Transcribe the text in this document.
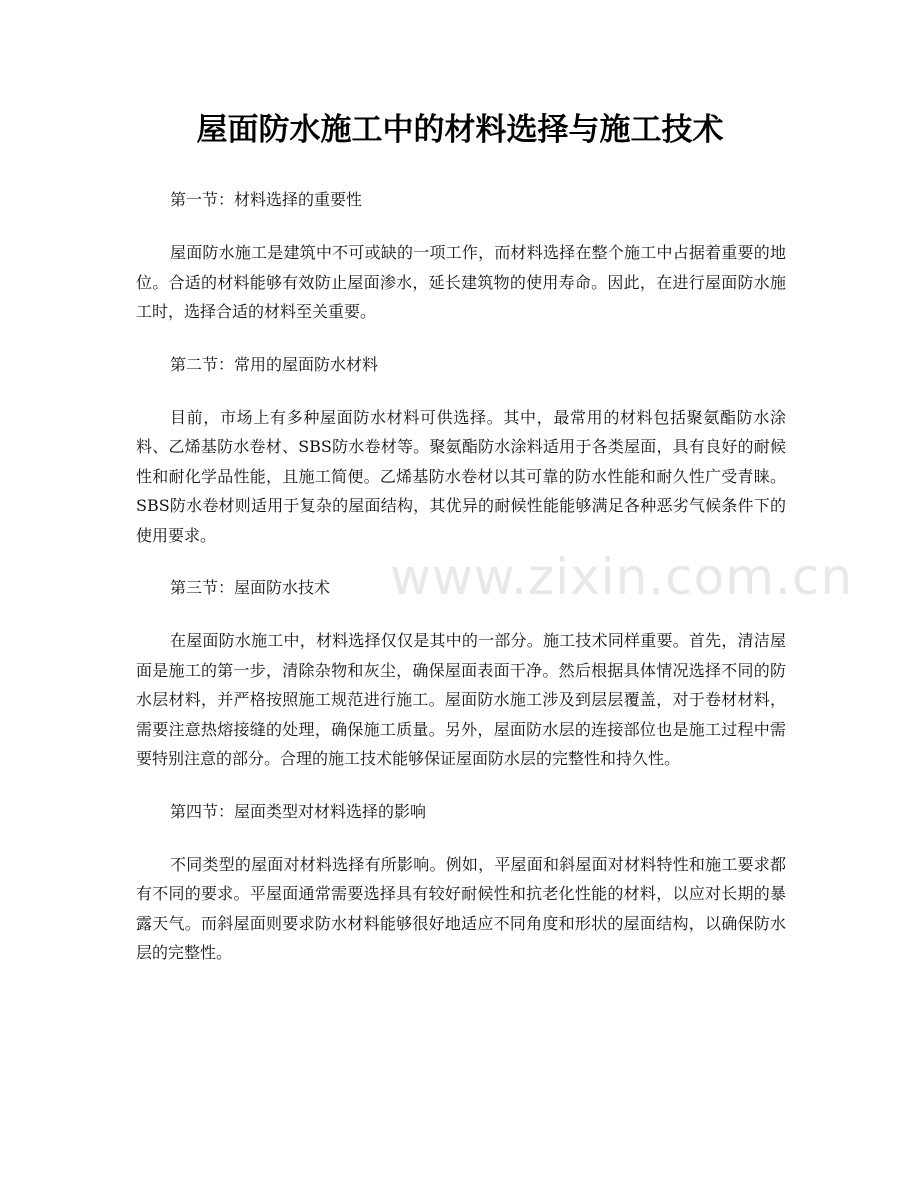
屋面防水施工中的材料选择与施工技术

第一节：材料选择的重要性

屋面防水施工是建筑中不可或缺的一项工作，而材料选择在整个施工中占据着重要的地位。合适的材料能够有效防止屋面渗水，延长建筑物的使用寿命。因此，在进行屋面防水施工时，选择合适的材料至关重要。

第二节：常用的屋面防水材料

目前，市场上有多种屋面防水材料可供选择。其中，最常用的材料包括聚氨酯防水涂料、乙烯基防水卷材、SBS防水卷材等。聚氨酯防水涂料适用于各类屋面，具有良好的耐候性和耐化学品性能，且施工简便。乙烯基防水卷材以其可靠的防水性能和耐久性广受青睐。SBS防水卷材则适用于复杂的屋面结构，其优异的耐候性能能够满足各种恶劣气候条件下的使用要求。

第三节：屋面防水技术

在屋面防水施工中，材料选择仅仅是其中的一部分。施工技术同样重要。首先，清洁屋面是施工的第一步，清除杂物和灰尘，确保屋面表面干净。然后根据具体情况选择不同的防水层材料，并严格按照施工规范进行施工。屋面防水施工涉及到层层覆盖，对于卷材材料，需要注意热熔接缝的处理，确保施工质量。另外，屋面防水层的连接部位也是施工过程中需要特别注意的部分。合理的施工技术能够保证屋面防水层的完整性和持久性。

第四节：屋面类型对材料选择的影响

不同类型的屋面对材料选择有所影响。例如，平屋面和斜屋面对材料特性和施工要求都有不同的要求。平屋面通常需要选择具有较好耐候性和抗老化性能的材料，以应对长期的暴露天气。而斜屋面则要求防水材料能够很好地适应不同角度和形状的屋面结构，以确保防水层的完整性。

www.zixin.com.cn
